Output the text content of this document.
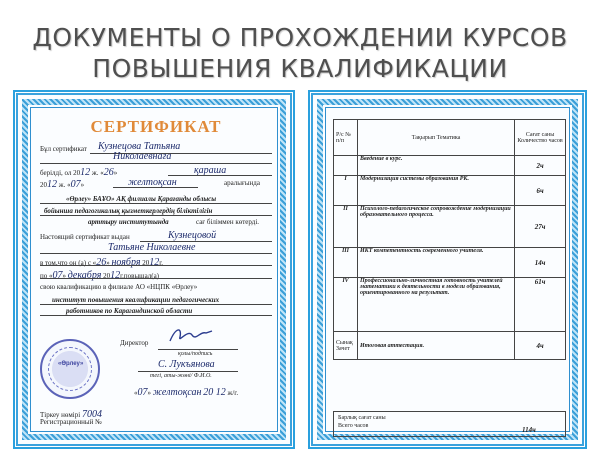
ДОКУМЕНТЫ О ПРОХОЖДЕНИИ КУРСОВ
ПОВЫШЕНИЯ КВАЛИФИКАЦИИ
СЕРТИФИКАТ
Бұл сертификат Кузнецова Татьяна
Николаевнаға
берілді, ол 2012 ж. «26»	қараша
2012 ж. «07»	желтоқсан	аралығында
«Өрлеу» БАҰО» АҚ филиалы Қарағанды облысы
бойынша педагогикалық қызметкерлердің біліктілігін
арттыру институтында	сағ біліммен көтерді.
Настоящий сертификат выдан	Кузнецовой
Татьяне Николаевне
в том,что он (а) с «26» ноября 2012г.
по «07» декабря 2012г.повышал(а)
свою квалификацию в филиале АО «НЦПК «Өрлеу»
институт повышения квалификации педагогических
работников по Карагандинской области
Директор
қолы/подпись
С. Лукъянова
тегі, аты-жөні/ Ф.И.О.
«07» желтоқсан 20 12 ж/г.
«Өрлеу»
Тіркеу нөмірі 7004
Регистрационный №
Р/с № п/п	Тақырып Тематика	Сағат саны Количество часов
	Введение в курс.	2ч
I	Модернизация системы образования РК.	6ч
II	Психолого-педагогическое сопровождение модернизации образовательного процесса.	27ч
III	ИКТ компетентность современного учителя.	14ч
IV	Профессионально-личностная готовность учителей математики к деятельности в модели образования, ориентированного на результат.	61ч
Сынақ Зачет	Итоговая аттестация.	4ч
Барлық сағат саны
Всего часов	114ч
